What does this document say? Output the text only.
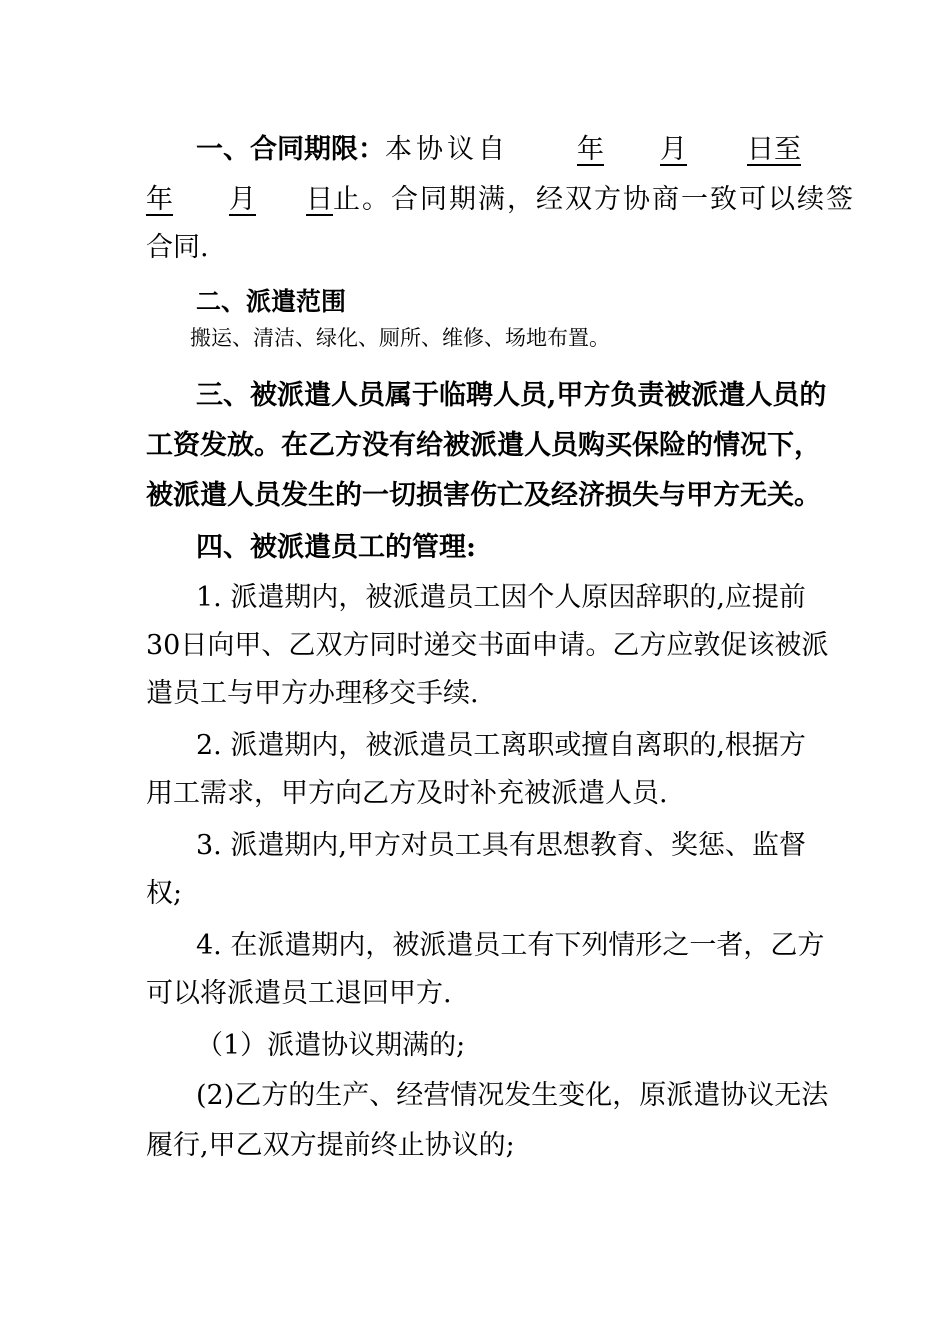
一、合同期限：本协议自	年 月 日至
年 月 日止。合同期满，经双方协商一致可以续签
合同.
二、派遣范围
搬运、清洁、绿化、厕所、维修、场地布置。
三、被派遣人员属于临聘人员,甲方负责被派遣人员的
工资发放。在乙方没有给被派遣人员购买保险的情况下，
被派遣人员发生的一切损害伤亡及经济损失与甲方无关。
四、被派遣员工的管理:
1. 派遣期内，被派遣员工因个人原因辞职的,应提前
30日向甲、乙双方同时递交书面申请。乙方应敦促该被派
遣员工与甲方办理移交手续.
2. 派遣期内，被派遣员工离职或擅自离职的,根据方
用工需求，甲方向乙方及时补充被派遣人员.
3. 派遣期内,甲方对员工具有思想教育、奖惩、监督
权;
4. 在派遣期内，被派遣员工有下列情形之一者，乙方
可以将派遣员工退回甲方.
（1）派遣协议期满的;
(2)乙方的生产、经营情况发生变化，原派遣协议无法
履行,甲乙双方提前终止协议的;
